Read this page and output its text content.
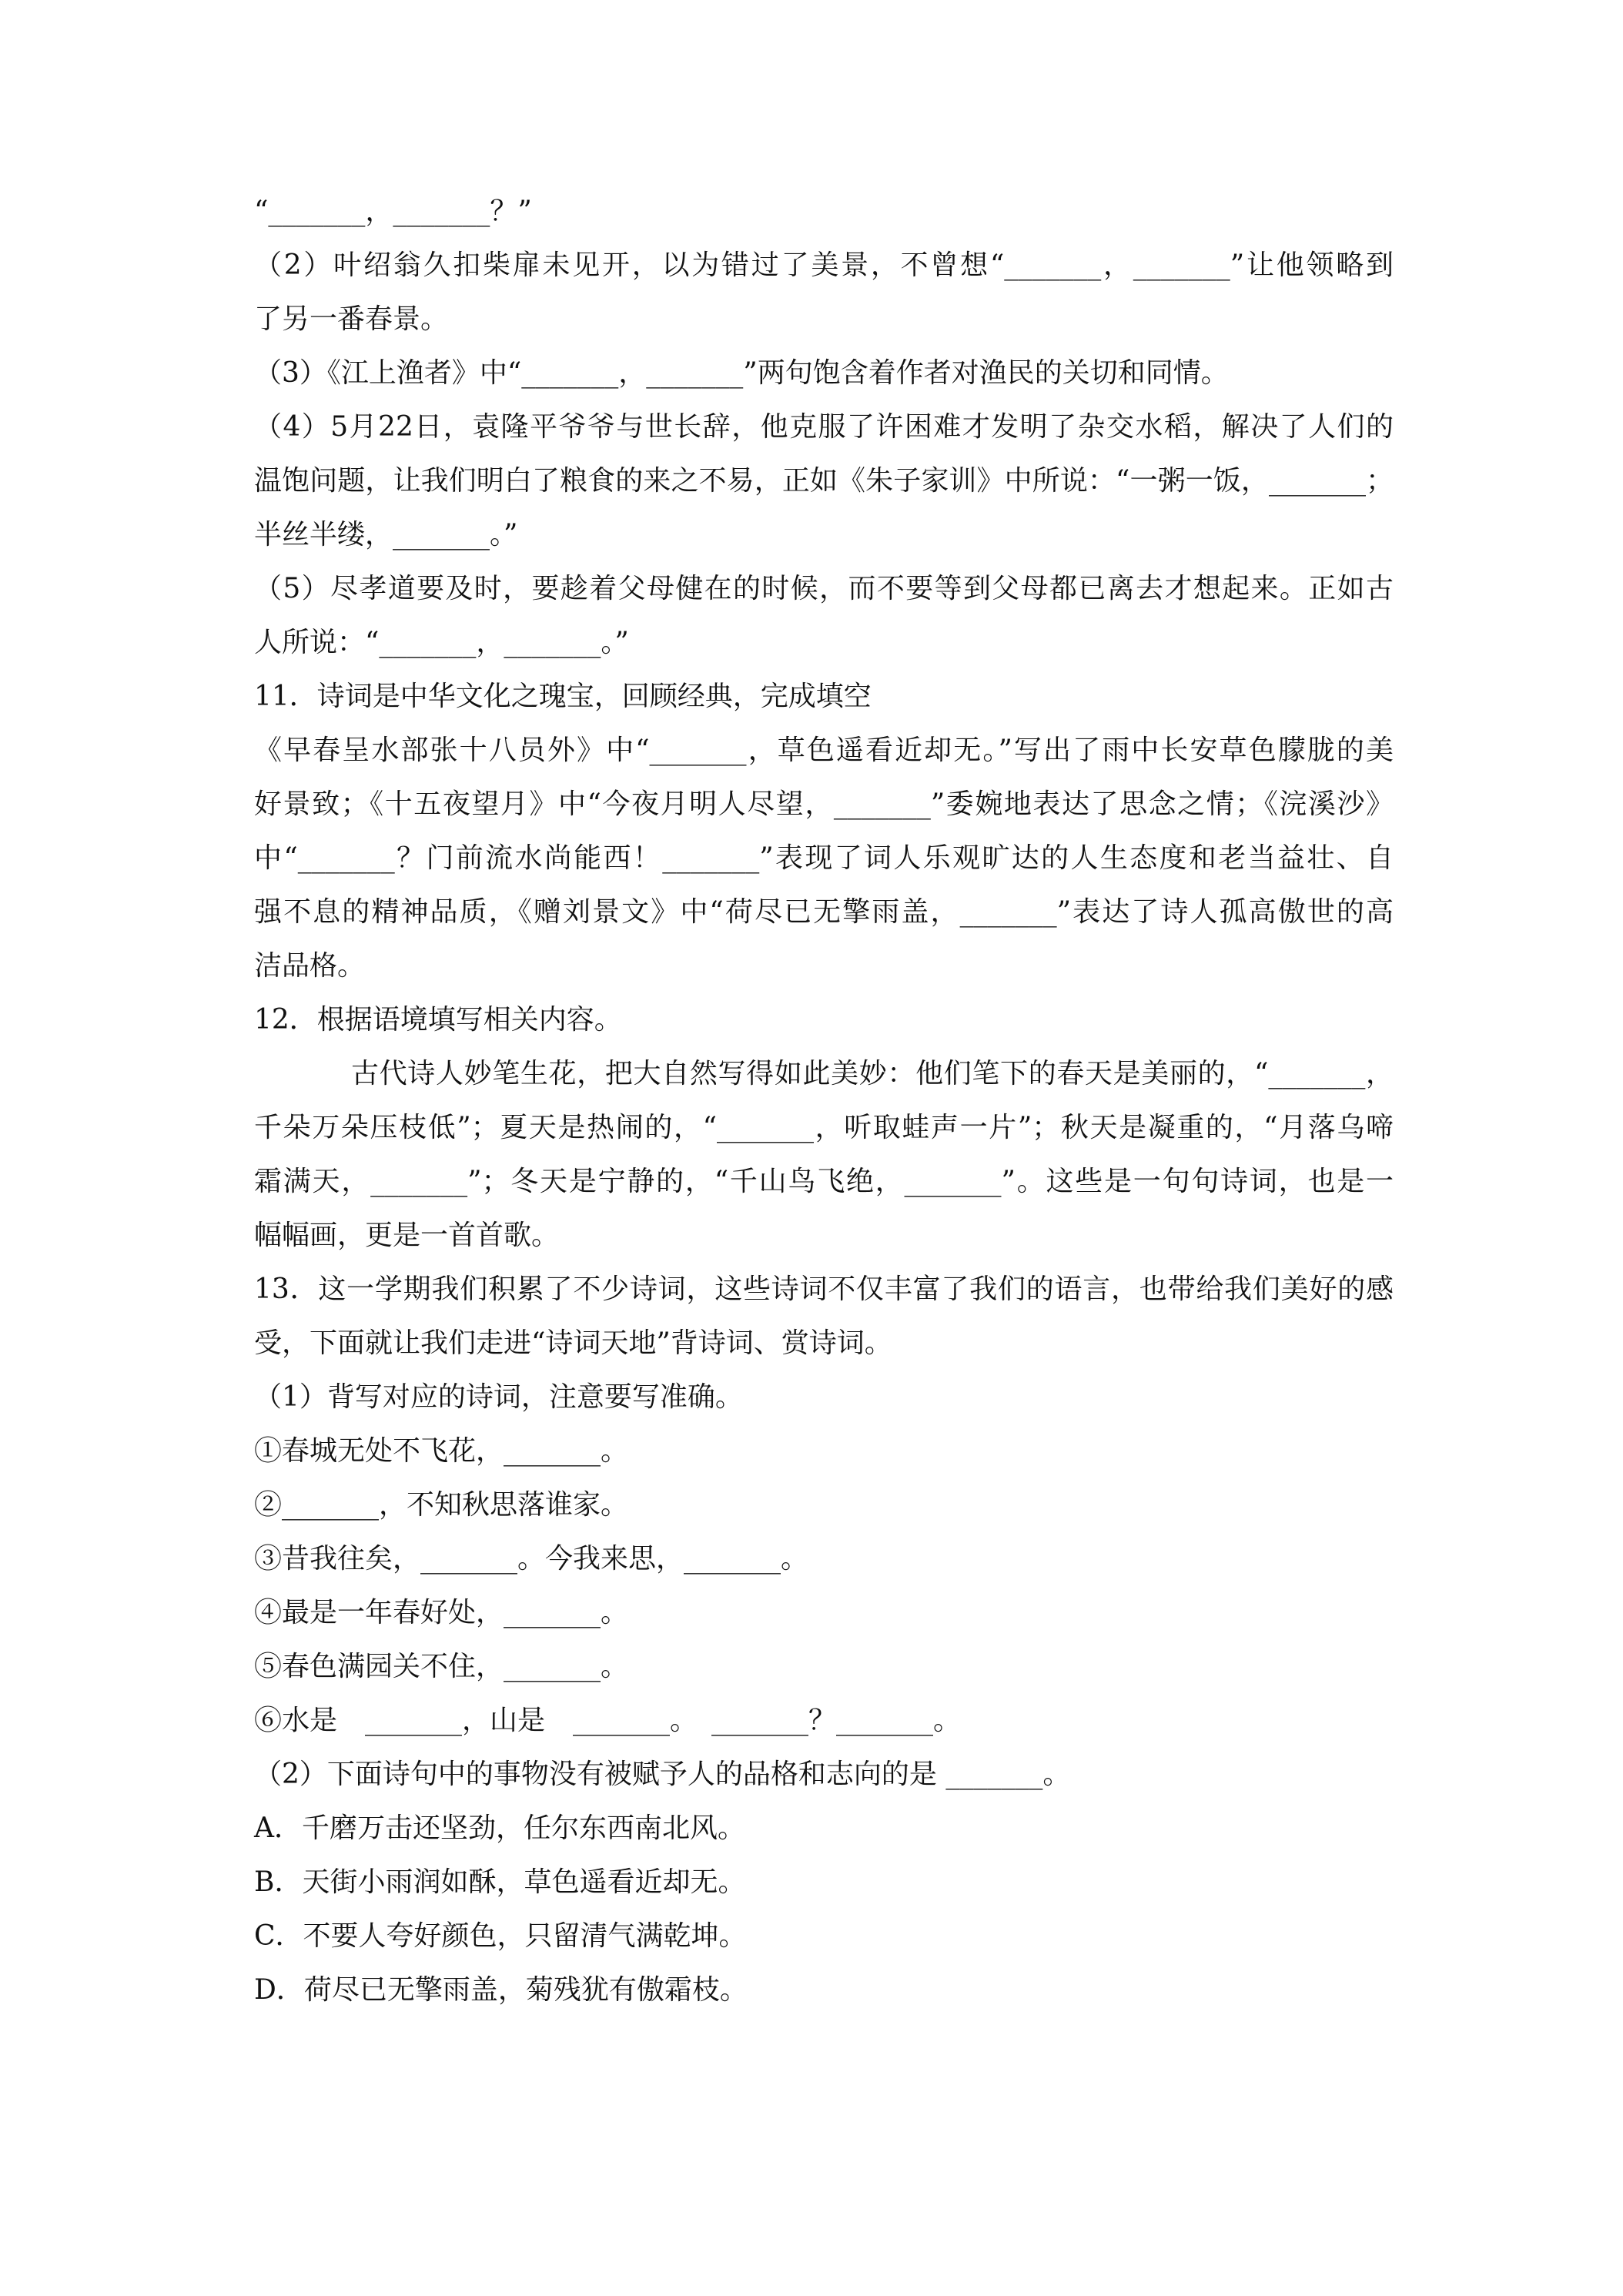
“_______，_______？”

（2）叶绍翁久扣柴扉未见开，以为错过了美景，不曾想“_______，_______”让他领略到

了另一番春景。

（3）《江上渔者》中“_______，_______”两句饱含着作者对渔民的关切和同情。

（4）5月22日，袁隆平爷爷与世长辞，他克服了许困难才发明了杂交水稻，解决了人们的

温饱问题，让我们明白了粮食的来之不易，正如《朱子家训》中所说：“一粥一饭，_______；

半丝半缕，_______。”

（5）尽孝道要及时，要趁着父母健在的时候，而不要等到父母都已离去才想起来。正如古

人所说：“_______，_______。”

11．诗词是中华文化之瑰宝，回顾经典，完成填空

《早春呈水部张十八员外》中“_______，草色遥看近却无。”写出了雨中长安草色朦胧的美

好景致；《十五夜望月》中“今夜月明人尽望，_______”委婉地表达了思念之情；《浣溪沙》

中“_______？门前流水尚能西！_______”表现了词人乐观旷达的人生态度和老当益壮、自

强不息的精神品质，《赠刘景文》中“荷尽已无擎雨盖，_______”表达了诗人孤高傲世的高

洁品格。

12．根据语境填写相关内容。

古代诗人妙笔生花，把大自然写得如此美妙：他们笔下的春天是美丽的，“_______，

千朵万朵压枝低”；夏天是热闹的，“_______，听取蛙声一片”；秋天是凝重的，“月落乌啼

霜满天，_______”；冬天是宁静的，“千山鸟飞绝，_______”。这些是一句句诗词，也是一

幅幅画，更是一首首歌。

13．这一学期我们积累了不少诗词，这些诗词不仅丰富了我们的语言，也带给我们美好的感

受，下面就让我们走进“诗词天地”背诗词、赏诗词。

（1）背写对应的诗词，注意要写准确。

①春城无处不飞花，_______。

②_______，不知秋思落谁家。

③昔我往矣，_______。今我来思，_______。

④最是一年春好处，_______。

⑤春色满园关不住，_______。

⑥水是　_______，山是　_______。　_______？_______。

（2）下面诗句中的事物没有被赋予人的品格和志向的是 _______。

A．千磨万击还坚劲，任尔东西南北风。

B．天街小雨润如酥，草色遥看近却无。

C．不要人夸好颜色，只留清气满乾坤。

D．荷尽已无擎雨盖，菊残犹有傲霜枝。
